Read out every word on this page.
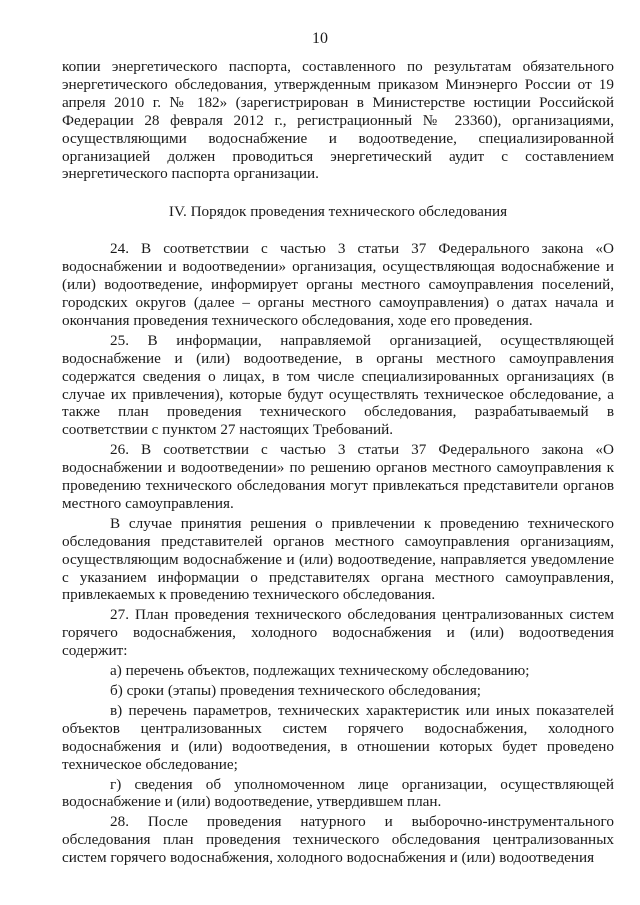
10

копии энергетического паспорта, составленного по результатам обязательного энергетического обследования, утвержденным приказом Минэнерго России от 19 апреля 2010 г. № 182» (зарегистрирован в Министерстве юстиции Российской Федерации 28 февраля 2012 г., регистрационный № 23360), организациями, осуществляющими водоснабжение и водоотведение, специализированной организацией должен проводиться энергетический аудит с составлением энергетического паспорта организации.

IV. Порядок проведения технического обследования

24. В соответствии с частью 3 статьи 37 Федерального закона «О водоснабжении и водоотведении» организация, осуществляющая водоснабжение и (или) водоотведение, информирует органы местного самоуправления поселений, городских округов (далее – органы местного самоуправления) о датах начала и окончания проведения технического обследования, ходе его проведения.

25. В информации, направляемой организацией, осуществляющей водоснабжение и (или) водоотведение, в органы местного самоуправления содержатся сведения о лицах, в том числе специализированных организациях (в случае их привлечения), которые будут осуществлять техническое обследование, а также план проведения технического обследования, разрабатываемый в соответствии с пунктом 27 настоящих Требований.

26. В соответствии с частью 3 статьи 37 Федерального закона «О водоснабжении и водоотведении» по решению органов местного самоуправления к проведению технического обследования могут привлекаться представители органов местного самоуправления.

В случае принятия решения о привлечении к проведению технического обследования представителей органов местного самоуправления организациям, осуществляющим водоснабжение и (или) водоотведение, направляется уведомление с указанием информации о представителях органа местного самоуправления, привлекаемых к проведению технического обследования.

27. План проведения технического обследования централизованных систем горячего водоснабжения, холодного водоснабжения и (или) водоотведения содержит:

а) перечень объектов, подлежащих техническому обследованию;

б) сроки (этапы) проведения технического обследования;

в) перечень параметров, технических характеристик или иных показателей объектов централизованных систем горячего водоснабжения, холодного водоснабжения и (или) водоотведения, в отношении которых будет проведено техническое обследование;

г) сведения об уполномоченном лице организации, осуществляющей водоснабжение и (или) водоотведение, утвердившем план.

28. После проведения натурного и выборочно-инструментального обследования план проведения технического обследования централизованных систем горячего водоснабжения, холодного водоснабжения и (или) водоотведения
